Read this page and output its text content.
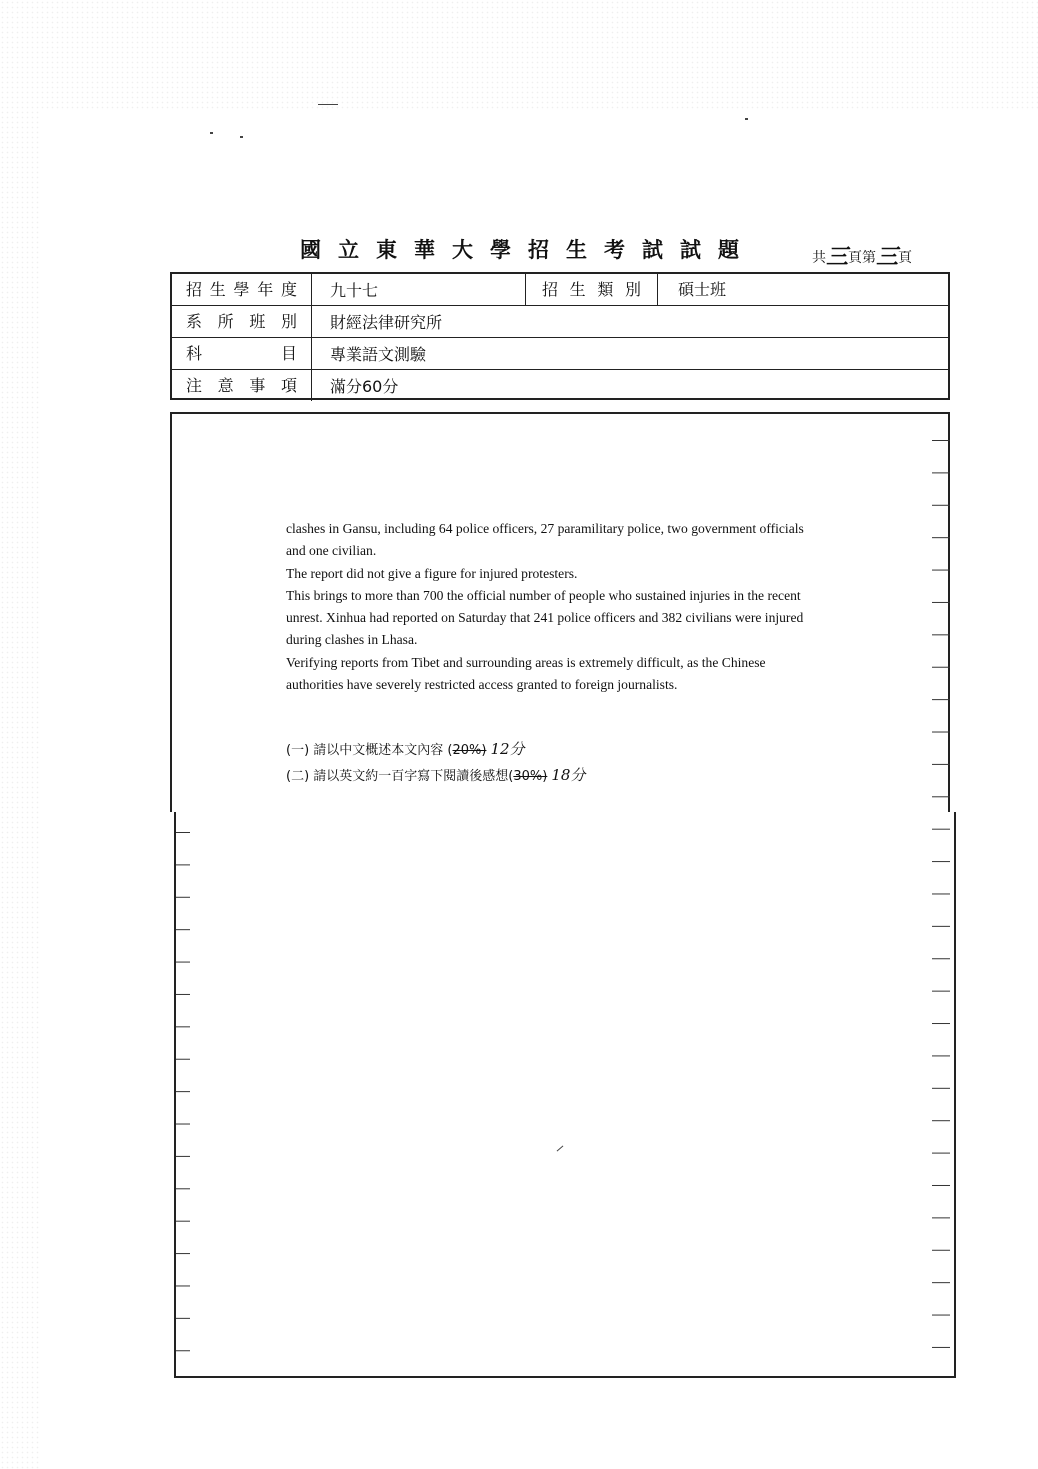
國立東華大學招生考試試題	共三頁第三頁
招生學年度	九十七	招生類別	碩士班
系所班別	財經法律研究所
科　目	專業語文測驗
注意事項	滿分60分

clashes in Gansu, including 64 police officers, 27 paramilitary police, two government officials and one civilian.

The report did not give a figure for injured protesters.

This brings to more than 700 the official number of people who sustained injuries in the recent unrest. Xinhua had reported on Saturday that 241 police officers and 382 civilians were injured during clashes in Lhasa.

Verifying reports from Tibet and surrounding areas is extremely difficult, as the Chinese authorities have severely restricted access granted to foreign journalists.

(一) 請以中文概述本文內容 (20%) 12分
(二) 請以英文約一百字寫下閱讀後感想(30%) 18分
